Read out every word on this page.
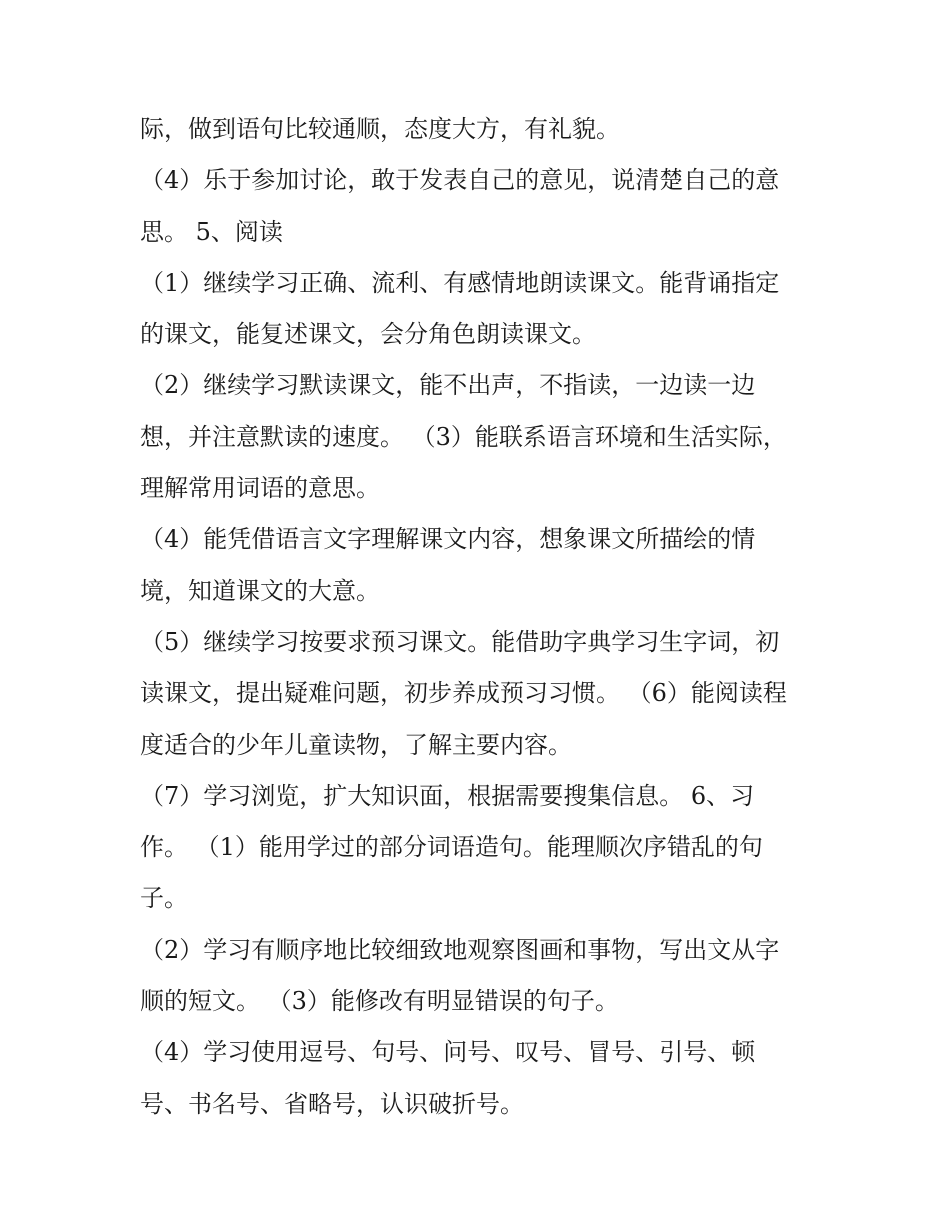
际，做到语句比较通顺，态度大方，有礼貌。
（4）乐于参加讨论，敢于发表自己的意见，说清楚自己的意
思。 5、阅读
（1）继续学习正确、流利、有感情地朗读课文。能背诵指定
的课文，能复述课文，会分角色朗读课文。
（2）继续学习默读课文，能不出声，不指读，一边读一边
想，并注意默读的速度。 （3）能联系语言环境和生活实际，
理解常用词语的意思。
（4）能凭借语言文字理解课文内容，想象课文所描绘的情
境，知道课文的大意。
（5）继续学习按要求预习课文。能借助字典学习生字词，初
读课文，提出疑难问题，初步养成预习习惯。 （6）能阅读程
度适合的少年儿童读物，了解主要内容。
（7）学习浏览，扩大知识面，根据需要搜集信息。 6、习
作。 （1）能用学过的部分词语造句。能理顺次序错乱的句
子。
（2）学习有顺序地比较细致地观察图画和事物，写出文从字
顺的短文。 （3）能修改有明显错误的句子。
（4）学习使用逗号、句号、问号、叹号、冒号、引号、顿
号、书名号、省略号，认识破折号。
